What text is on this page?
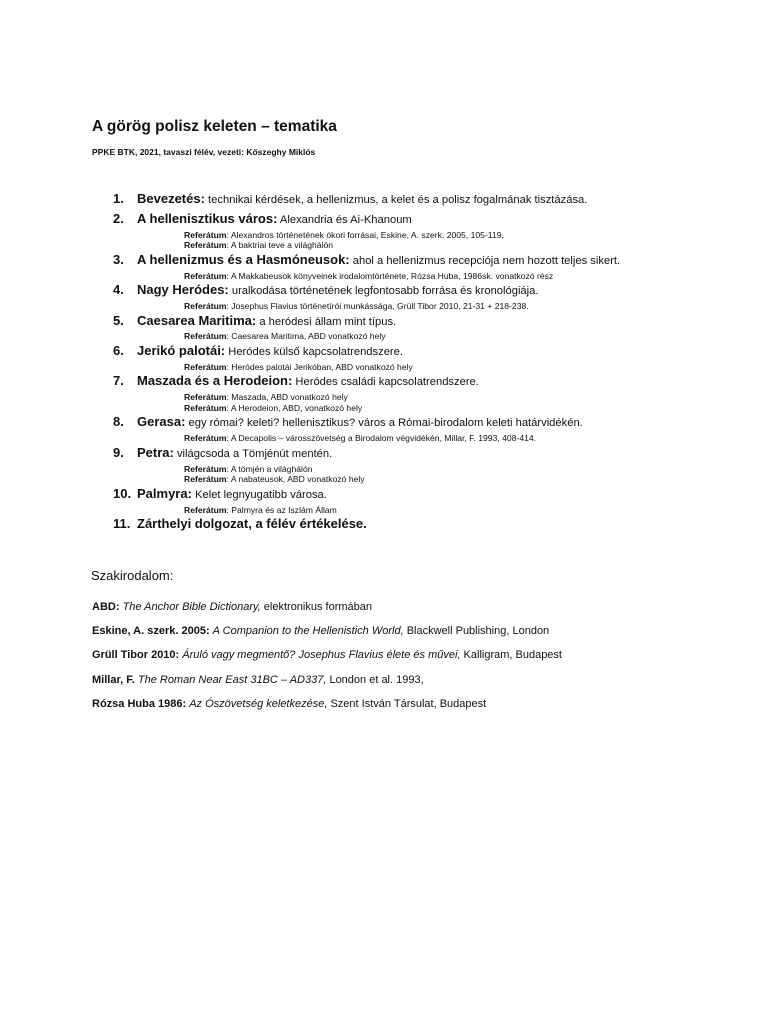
A görög polisz keleten – tematika
PPKE BTK, 2021, tavaszi félév, vezeti: Kőszeghy Miklós
1. Bevezetés: technikai kérdések, a hellenizmus, a kelet és a polisz fogalmának tisztázása.
2. A hellenisztikus város: Alexandria és Ai-Khanoum
Referátum: Alexandros történetének ókori forrásai, Eskine, A. szerk. 2005, 105-119.
Referátum: A baktriai teve a világhálón
3. A hellenizmus és a Hasmóneusok: ahol a hellenizmus recepciója nem hozott teljes sikert.
Referátum: A Makkabeusok könyveinek irodalomtörténete, Rózsa Huba, 1986sk. vonatkozó rész
4. Nagy Heródes: uralkodása történetének legfontosabb forrása és kronológiája.
Referátum: Josephus Flavius történetírói munkássága, Grüll Tibor 2010, 21-31 + 218-238.
5. Caesarea Maritima: a heródesi állam mint típus.
Referátum: Caesarea Maritima, ABD vonatkozó hely
6. Jerikó palotái: Heródes külső kapcsolatrendszere.
Referátum: Heródes palotái Jerikóban, ABD vonatkozó hely
7. Maszada és a Herodeion: Heródes családi kapcsolatrendszere.
Referátum: Maszada, ABD vonatkozó hely
Referátum: A Herodeion, ABD, vonatkozó hely
8. Gerasa: egy római? keleti? hellenisztikus? város a Római-birodalom keleti határvidékén.
Referátum: A Decapolis – városszövetség a Birodalom végvidékén, Millar, F. 1993, 408-414.
9. Petra: világcsoda a Tömjénút mentén.
Referátum: A tömjén a világhálón
Referátum: A nabateusok, ABD vonatkozó hely
10. Palmyra: Kelet legnyugatibb városa.
Referátum: Palmyra és az Iszlám Állam
11. Zárthelyi dolgozat, a félév értékelése.
Szakirodalom:
ABD: The Anchor Bible Dictionary, elektronikus formában
Eskine, A. szerk. 2005: A Companion to the Hellenistich World, Blackwell Publishing, London
Grüll Tibor 2010: Áruló vagy megmentő? Josephus Flavius élete és művei, Kalligram, Budapest
Millar, F. The Roman Near East 31BC – AD337, London et al. 1993,
Rózsa Huba 1986: Az Ószövetség keletkezése, Szent István Társulat, Budapest
